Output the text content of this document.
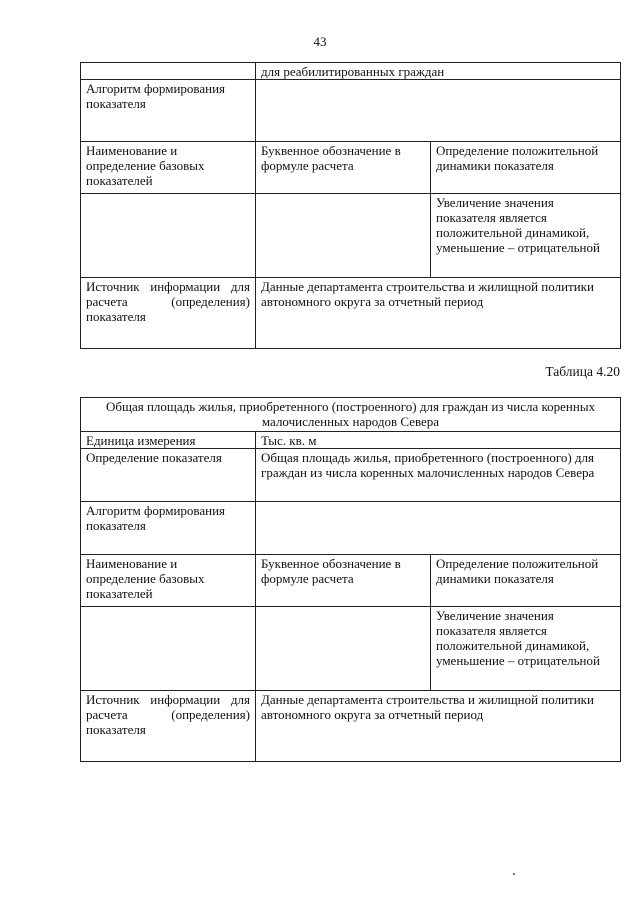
43
	для реабилитированных граждан	
Алгоритм формирования показателя		
Наименование и определение базовых показателей	Буквенное обозначение в формуле расчета	Определение положительной динамики показателя
		Увеличение значения показателя является положительной динамикой, уменьшение – отрицательной
Источник информации для расчета (определения) показателя	Данные департамента строительства и жилищной политики автономного округа за отчетный период	
Таблица 4.20
Общая площадь жилья, приобретенного (построенного) для граждан из числа коренных малочисленных народов Севера		
Единица измерения	Тыс. кв. м	
Определение показателя	Общая площадь жилья, приобретенного (построенного) для граждан из числа коренных малочисленных народов Севера	
Алгоритм формирования показателя		
Наименование и определение базовых показателей	Буквенное обозначение в формуле расчета	Определение положительной динамики показателя
		Увеличение значения показателя является положительной динамикой, уменьшение – отрицательной
Источник информации для расчета (определения) показателя	Данные департамента строительства и жилищной политики автономного округа за отчетный период	
